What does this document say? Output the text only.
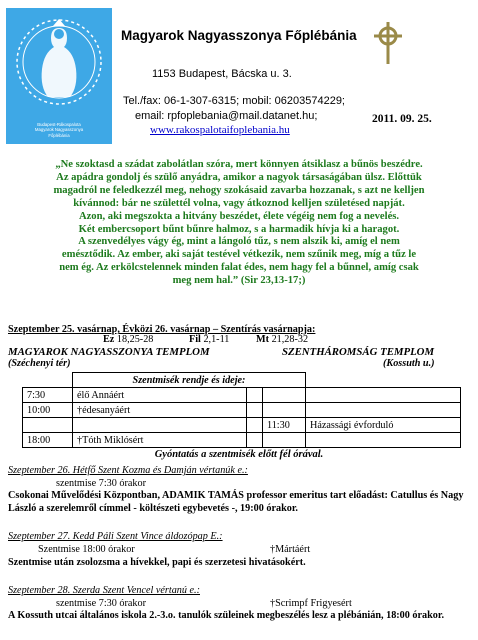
Budapest-Rákospalota
Magyarok Nagyasszonya
Főplébánia
Magyarok Nagyasszonya Főplébánia
1153 Budapest, Bácska u. 3.
Tel./fax: 06-1-307-6315; mobil: 06203574229;
email: rpfoplebania@mail.datanet.hu;
www.rakospalotaifoplebania.hu
2011. 09. 25.
„Ne szoktasd a szádat zabolátlan szóra, mert könnyen átsiklasz a bűnös beszédre.
Az apádra gondolj és szülő anyádra, amikor a nagyok társaságában ülsz. Előttük
magadról ne feledkezzél meg, nehogy szokásaid zavarba hozzanak, s azt ne kelljen
kívánnod: bár ne születtél volna, vagy átkoznod kelljen születésed napját.
Azon, aki megszokta a hitvány beszédet, élete végéig nem fog a nevelés.
Két embercsoport bűnt bűnre halmoz, s a harmadik hívja ki a haragot.
A szenvedélyes vágy ég, mint a lángoló tűz, s nem alszik ki, amíg el nem
emésztődik. Az ember, aki saját testével vétkezik, nem szűnik meg, míg a tűz le
nem ég. Az erkölcstelennek minden falat édes, nem hagy fel a bűnnel, amíg csak
meg nem hal.” (Sir 23,13-17;)
Szeptember 25. vasárnap, Évközi 26. vasárnap – Szentírás vasárnapja:
Ez 18,25-28	Fil 2,1-11	Mt 21,28-32
MAGYAROK NAGYASSZONYA TEMPLOM
(Széchenyi tér)
SZENTHÁROMSÁG TEMPLOM
(Kossuth u.)
	Szentmisék rendje és ideje:			
7:30	élő Annáért			
10:00	†édesanyáért			
			11:30	Házassági évforduló
18:00	†Tóth Miklósért			
Gyóntatás a szentmisék előtt fél órával.
Szeptember 26. Hétfő Szent Kozma és Damján vértanúk e.:
szentmise 7:30 órakor
Csokonai Művelődési Központban, ADAMIK TAMÁS professor emeritus tart előadást: Catullus és Nagy László a szerelemről címmel - költészeti egybevetés -, 19:00 órakor.
Szeptember 27. Kedd Páli Szent Vince áldozópap E.:
Szentmise 18:00 órakor	†Mártáért
Szentmise után zsolozsma a hívekkel, papi és szerzetesi hivatásokért.
Szeptember 28. Szerda Szent Vencel vértanú e.:
szentmise 7:30 órakor	†Scrimpf Frigyesért
A Kossuth utcai általános iskola 2.-3.o. tanulók szüleinek megbeszélés lesz a plébánián, 18:00 órakor.
